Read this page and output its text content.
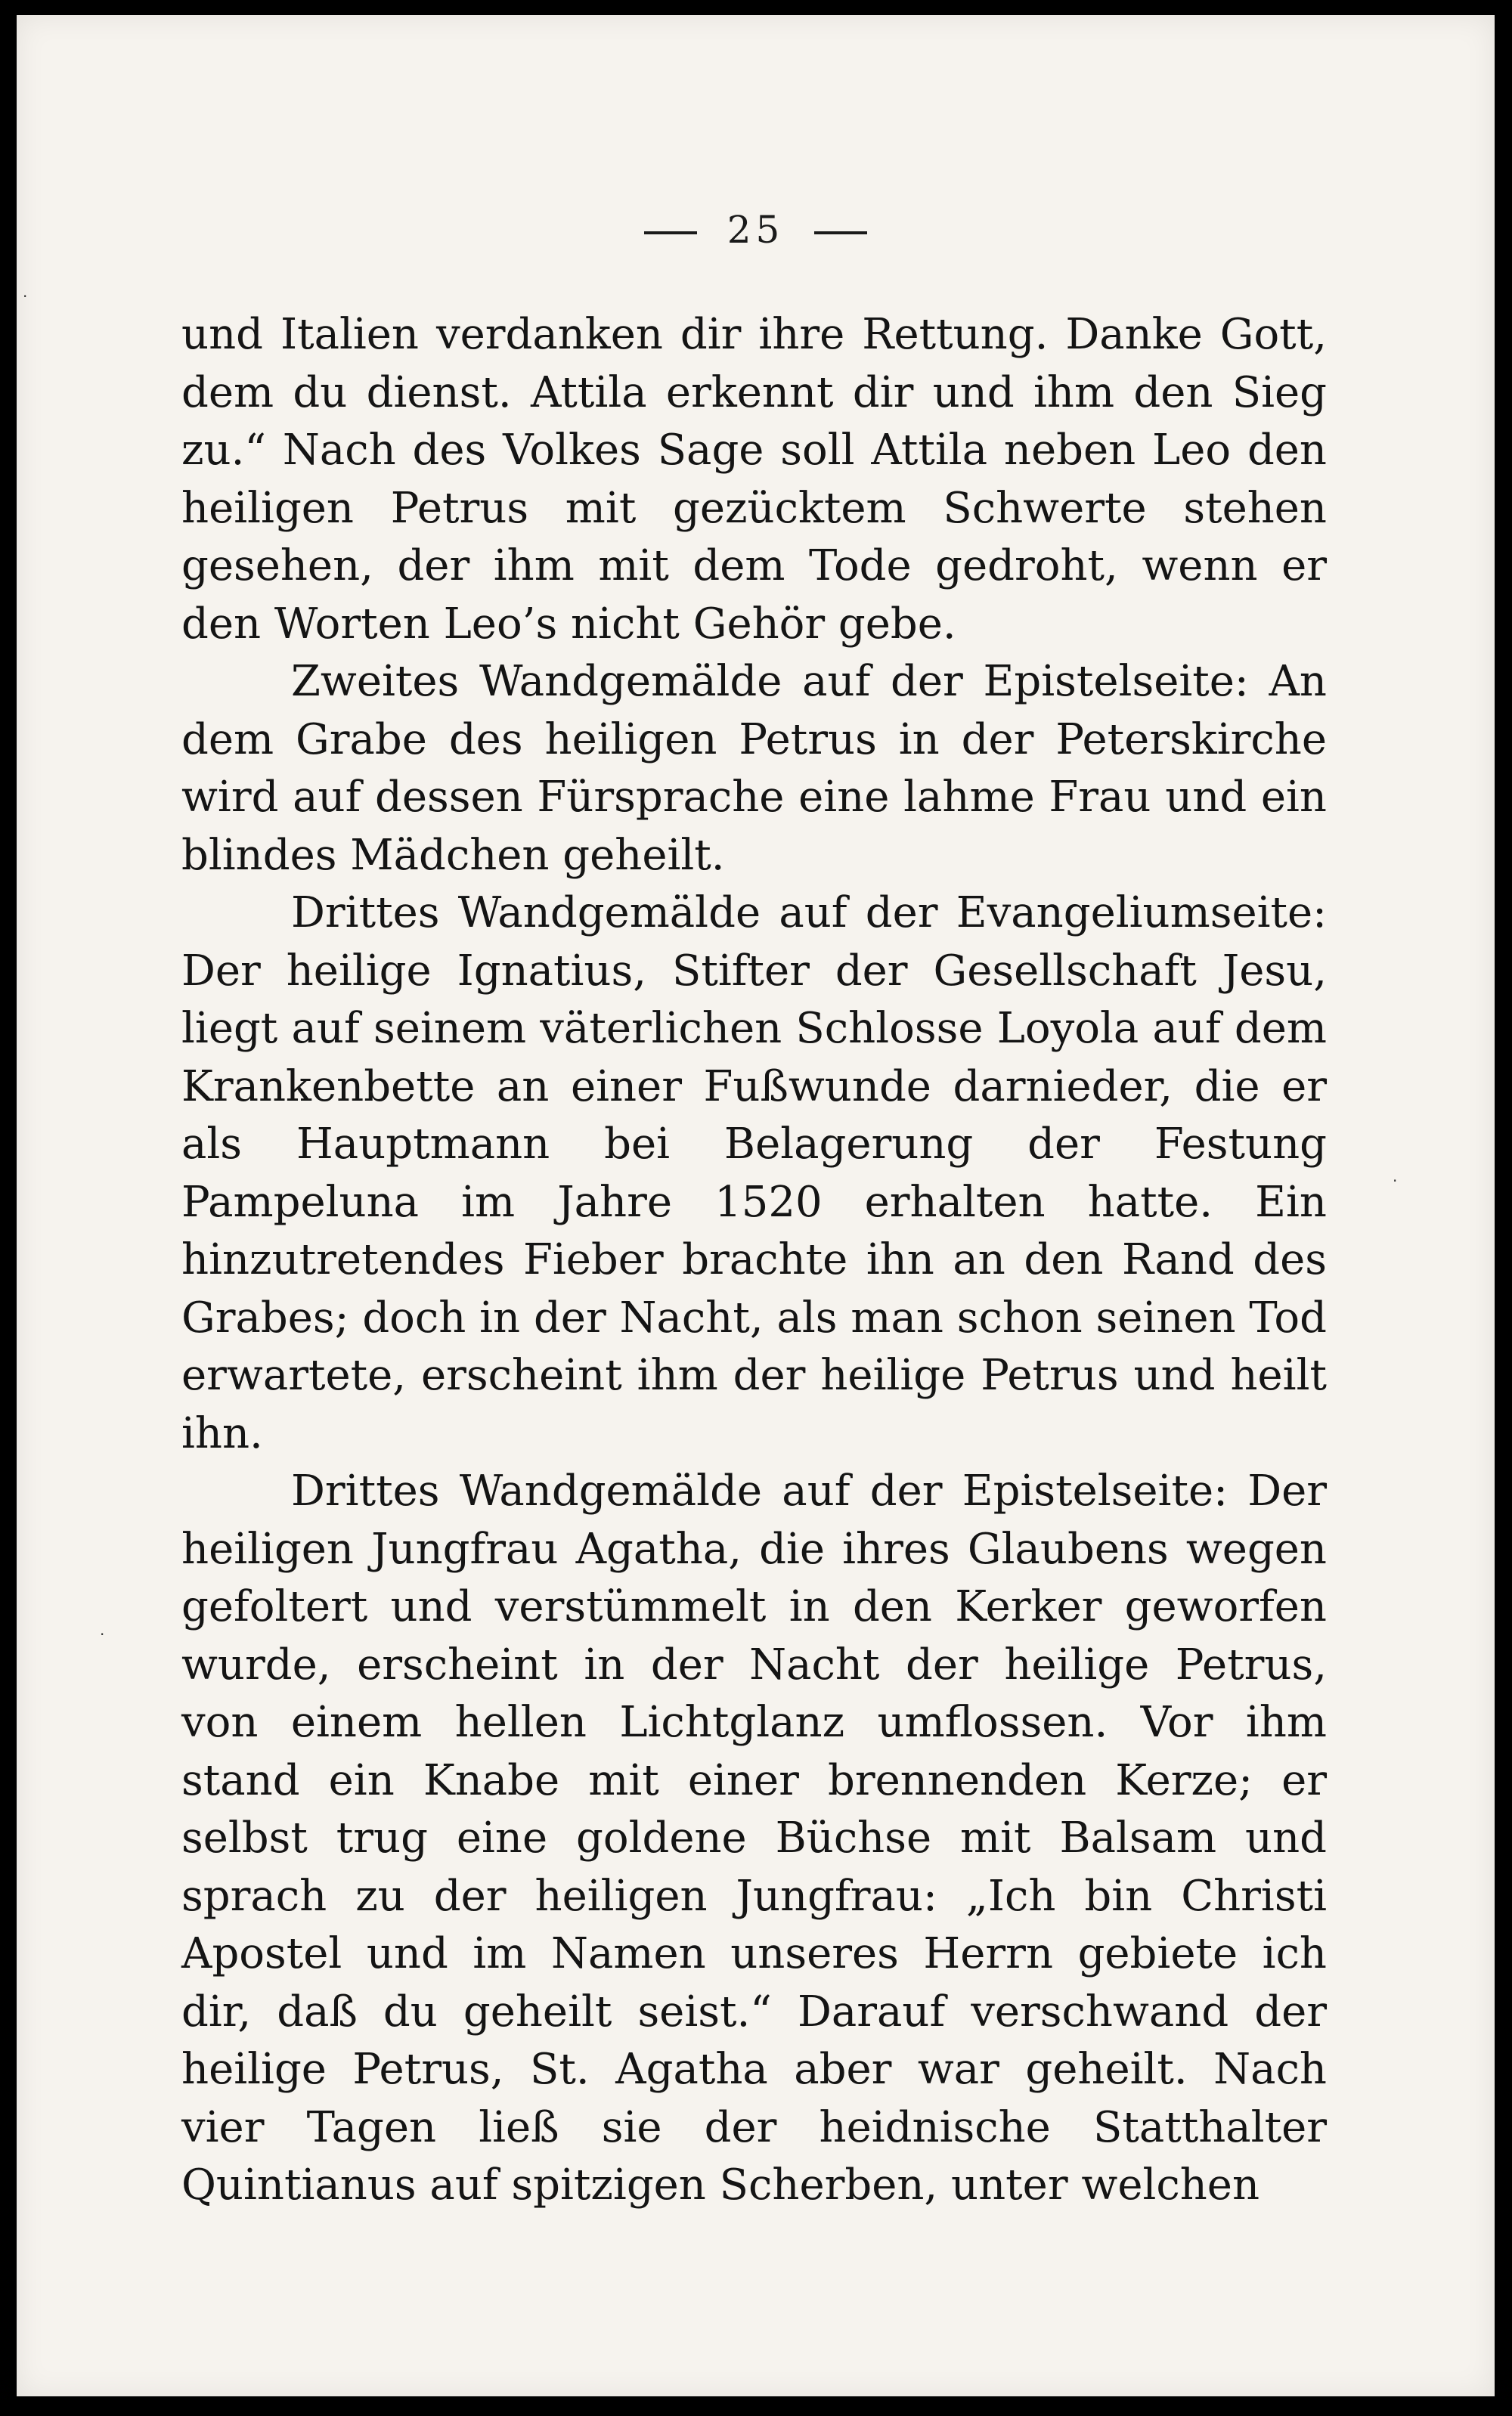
25

und Italien verdanken dir ihre Rettung. Danke Gott, dem du dienst. Attila erkennt dir und ihm den Sieg zu.“ Nach des Volkes Sage soll Attila neben Leo den heiligen Petrus mit gezücktem Schwerte stehen gesehen, der ihm mit dem Tode gedroht, wenn er den Worten Leo’s nicht Gehör gebe.

Zweites Wandgemälde auf der Epistelseite: An dem Grabe des heiligen Petrus in der Peterskirche wird auf dessen Fürsprache eine lahme Frau und ein blindes Mädchen geheilt.

Drittes Wandgemälde auf der Evangeliumseite: Der heilige Ignatius, Stifter der Gesellschaft Jesu, liegt auf seinem väterlichen Schlosse Loyola auf dem Krankenbette an einer Fußwunde darnieder, die er als Hauptmann bei Belagerung der Festung Pampeluna im Jahre 1520 erhalten hatte. Ein hinzutretendes Fieber brachte ihn an den Rand des Grabes; doch in der Nacht, als man schon seinen Tod erwartete, erscheint ihm der heilige Petrus und heilt ihn.

Drittes Wandgemälde auf der Epistelseite: Der heiligen Jungfrau Agatha, die ihres Glaubens wegen gefoltert und verstümmelt in den Kerker geworfen wurde, erscheint in der Nacht der heilige Petrus, von einem hellen Lichtglanz umflossen. Vor ihm stand ein Knabe mit einer brennenden Kerze; er selbst trug eine goldene Büchse mit Balsam und sprach zu der heiligen Jungfrau: „Ich bin Christi Apostel und im Namen unseres Herrn gebiete ich dir, daß du geheilt seist.“ Darauf verschwand der heilige Petrus, St. Agatha aber war geheilt. Nach vier Tagen ließ sie der heidnische Statthalter Quintianus auf spitzigen Scherben, unter welchen

·
·
·
